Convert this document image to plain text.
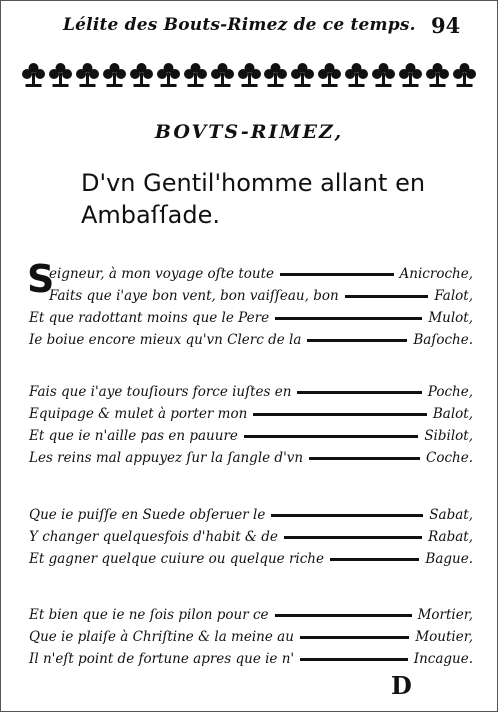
Lélite des Bouts-Rimez de ce temps. 94
BOVTS-RIMEZ,
D'vn Gentil'homme allant en
Ambaſſade.
S
eigneur, à mon voyage oſte toute	Anicroche,
Faits que i'aye bon vent, bon vaiſſeau, bon	Falot,
Et que radottant moins que le Pere	Mulot,
Ie boiue encore mieux qu'vn Clerc de la	Baſoche.
Fais que i'aye touſiours force iuſtes en	Poche,
Equipage & mulet à porter mon	Balot,
Et que ie n'aille pas en pauure	Sibilot,
Les reins mal appuyez ſur la ſangle d'vn	Coche.
Que ie puiſſe en Suede obſeruer le	Sabat,
Y changer quelquesfois d'habit & de	Rabat,
Et gagner quelque cuiure ou quelque riche	Bague.
Et bien que ie ne ſois pilon pour ce	Mortier,
Que ie plaiſe à Chriſtine & la meine au	Moutier,
Il n'eſt point de fortune apres que ie n'	Incague.
D
